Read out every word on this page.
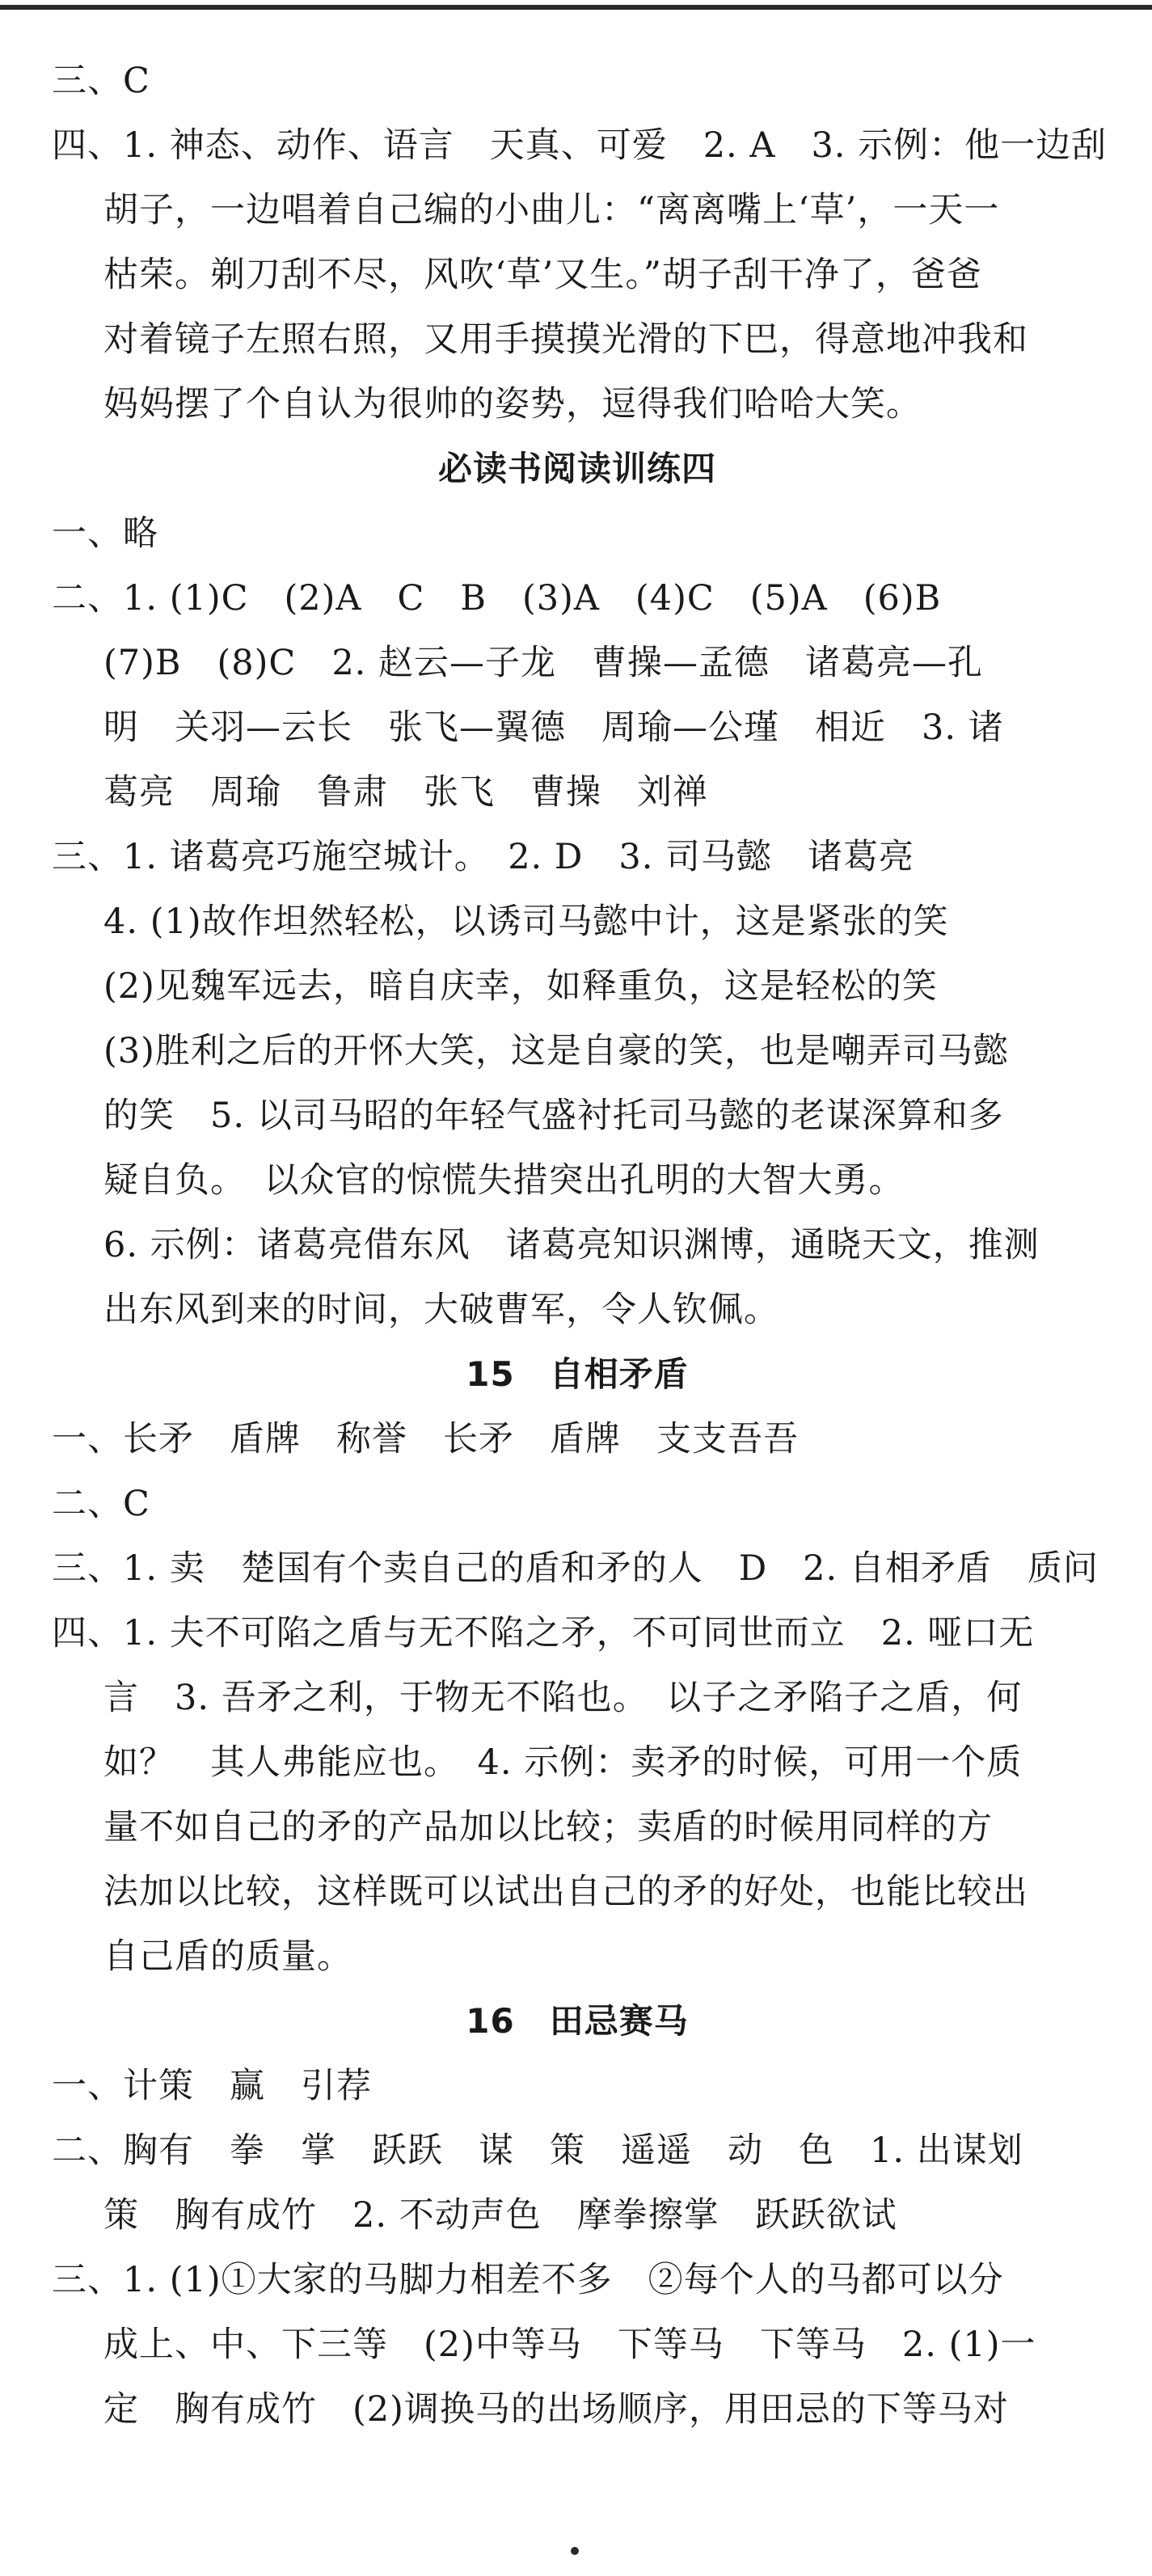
三、C
四、1. 神态、动作、语言　天真、可爱　2. A　3. 示例：他一边刮
胡子，一边唱着自己编的小曲儿：“离离嘴上‘草’，一天一
枯荣。剃刀刮不尽，风吹‘草’又生。”胡子刮干净了，爸爸
对着镜子左照右照，又用手摸摸光滑的下巴，得意地冲我和
妈妈摆了个自认为很帅的姿势，逗得我们哈哈大笑。
必读书阅读训练四
一、略
二、1. (1)C　(2)A　C　B　(3)A　(4)C　(5)A　(6)B
(7)B　(8)C　2. 赵云—子龙　曹操—孟德　诸葛亮—孔
明　关羽—云长　张飞—翼德　周瑜—公瑾　相近　3. 诸
葛亮　周瑜　鲁肃　张飞　曹操　刘禅
三、1. 诸葛亮巧施空城计。　2. D　3. 司马懿　诸葛亮
4. (1)故作坦然轻松，以诱司马懿中计，这是紧张的笑
(2)见魏军远去，暗自庆幸，如释重负，这是轻松的笑
(3)胜利之后的开怀大笑，这是自豪的笑，也是嘲弄司马懿
的笑　5. 以司马昭的年轻气盛衬托司马懿的老谋深算和多
疑自负。　以众官的惊慌失措突出孔明的大智大勇。
6. 示例：诸葛亮借东风　诸葛亮知识渊博，通晓天文，推测
出东风到来的时间，大破曹军，令人钦佩。
15　自相矛盾
一、长矛　盾牌　称誉　长矛　盾牌　支支吾吾
二、C
三、1. 卖　楚国有个卖自己的盾和矛的人　D　2. 自相矛盾　质问
四、1. 夫不可陷之盾与无不陷之矛，不可同世而立　2. 哑口无
言　3. 吾矛之利，于物无不陷也。　以子之矛陷子之盾，何
如？　其人弗能应也。　4. 示例：卖矛的时候，可用一个质
量不如自己的矛的产品加以比较；卖盾的时候用同样的方
法加以比较，这样既可以试出自己的矛的好处，也能比较出
自己盾的质量。
16　田忌赛马
一、计策　赢　引荐
二、胸有　拳　掌　跃跃　谋　策　遥遥　动　色　1. 出谋划
策　胸有成竹　2. 不动声色　摩拳擦掌　跃跃欲试
三、1. (1)①大家的马脚力相差不多　②每个人的马都可以分
成上、中、下三等　(2)中等马　下等马　下等马　2. (1)一
定　胸有成竹　(2)调换马的出场顺序，用田忌的下等马对
